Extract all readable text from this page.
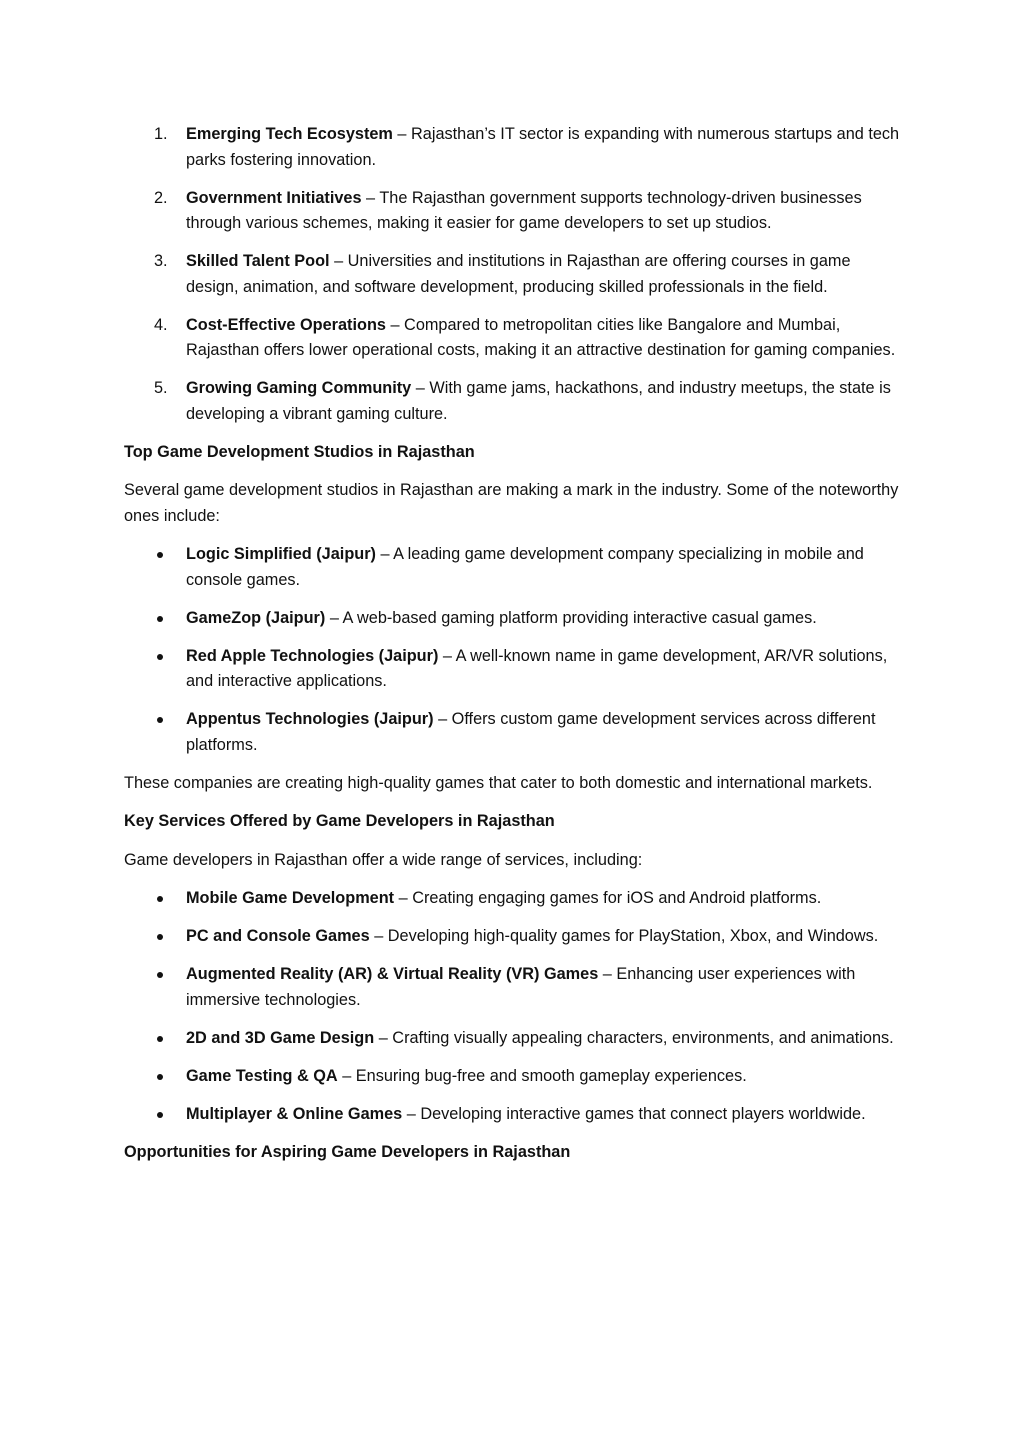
1. Emerging Tech Ecosystem – Rajasthan’s IT sector is expanding with numerous startups and tech parks fostering innovation.
2. Government Initiatives – The Rajasthan government supports technology-driven businesses through various schemes, making it easier for game developers to set up studios.
3. Skilled Talent Pool – Universities and institutions in Rajasthan are offering courses in game design, animation, and software development, producing skilled professionals in the field.
4. Cost-Effective Operations – Compared to metropolitan cities like Bangalore and Mumbai, Rajasthan offers lower operational costs, making it an attractive destination for gaming companies.
5. Growing Gaming Community – With game jams, hackathons, and industry meetups, the state is developing a vibrant gaming culture.

Top Game Development Studios in Rajasthan

Several game development studios in Rajasthan are making a mark in the industry. Some of the noteworthy ones include:

Logic Simplified (Jaipur) – A leading game development company specializing in mobile and console games.
GameZop (Jaipur) – A web-based gaming platform providing interactive casual games.
Red Apple Technologies (Jaipur) – A well-known name in game development, AR/VR solutions, and interactive applications.
Appentus Technologies (Jaipur) – Offers custom game development services across different platforms.

These companies are creating high-quality games that cater to both domestic and international markets.

Key Services Offered by Game Developers in Rajasthan

Game developers in Rajasthan offer a wide range of services, including:

Mobile Game Development – Creating engaging games for iOS and Android platforms.
PC and Console Games – Developing high-quality games for PlayStation, Xbox, and Windows.
Augmented Reality (AR) & Virtual Reality (VR) Games – Enhancing user experiences with immersive technologies.
2D and 3D Game Design – Crafting visually appealing characters, environments, and animations.
Game Testing & QA – Ensuring bug-free and smooth gameplay experiences.
Multiplayer & Online Games – Developing interactive games that connect players worldwide.

Opportunities for Aspiring Game Developers in Rajasthan
